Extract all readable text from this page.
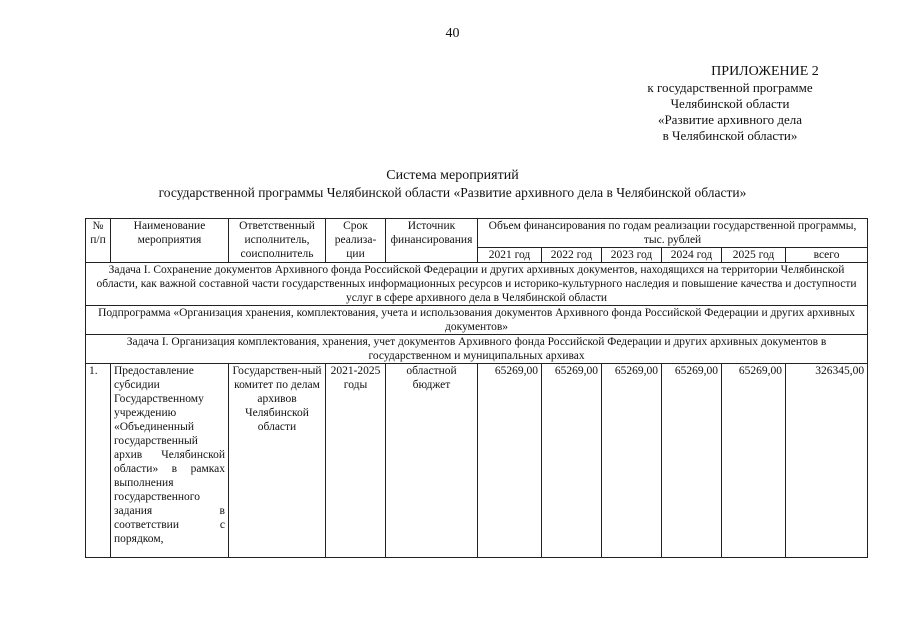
40
ПРИЛОЖЕНИЕ 2
к государственной программе
Челябинской области
«Развитие архивного дела
в Челябинской области»
Система мероприятий
государственной программы Челябинской области «Развитие архивного дела в Челябинской области»
№ п/п	Наименование мероприятия	Ответственный исполнитель, соисполнитель	Срок реализа-ции	Источник финансирования	Объем финансирования по годам реализации государственной программы, тыс. рублей					
					2021 год	2022 год	2023 год	2024 год	2025 год	всего
Задача I. Сохранение документов Архивного фонда Российской Федерации и других архивных документов, находящихся на территории Челябинской области, как важной составной части государственных информационных ресурсов и историко-культурного наследия и повышение качества и доступности услуг в сфере архивного дела в Челябинской области										
Подпрограмма «Организация хранения, комплектования, учета и использования документов Архивного фонда Российской Федерации и других архивных документов»										
Задача I. Организация комплектования, хранения, учет документов Архивного фонда Российской Федерации и других архивных документов в государственном и муниципальных архивах										
1.	Предоставление субсидии Государственному учреждению «Объединенный государственный архив Челябинской области» в рамках выполнения государственного задания в соответствии с порядком,	Государствен-ный комитет по делам архивов Челябинской области	2021-2025 годы	областной бюджет	65269,00	65269,00	65269,00	65269,00	65269,00	326345,00
